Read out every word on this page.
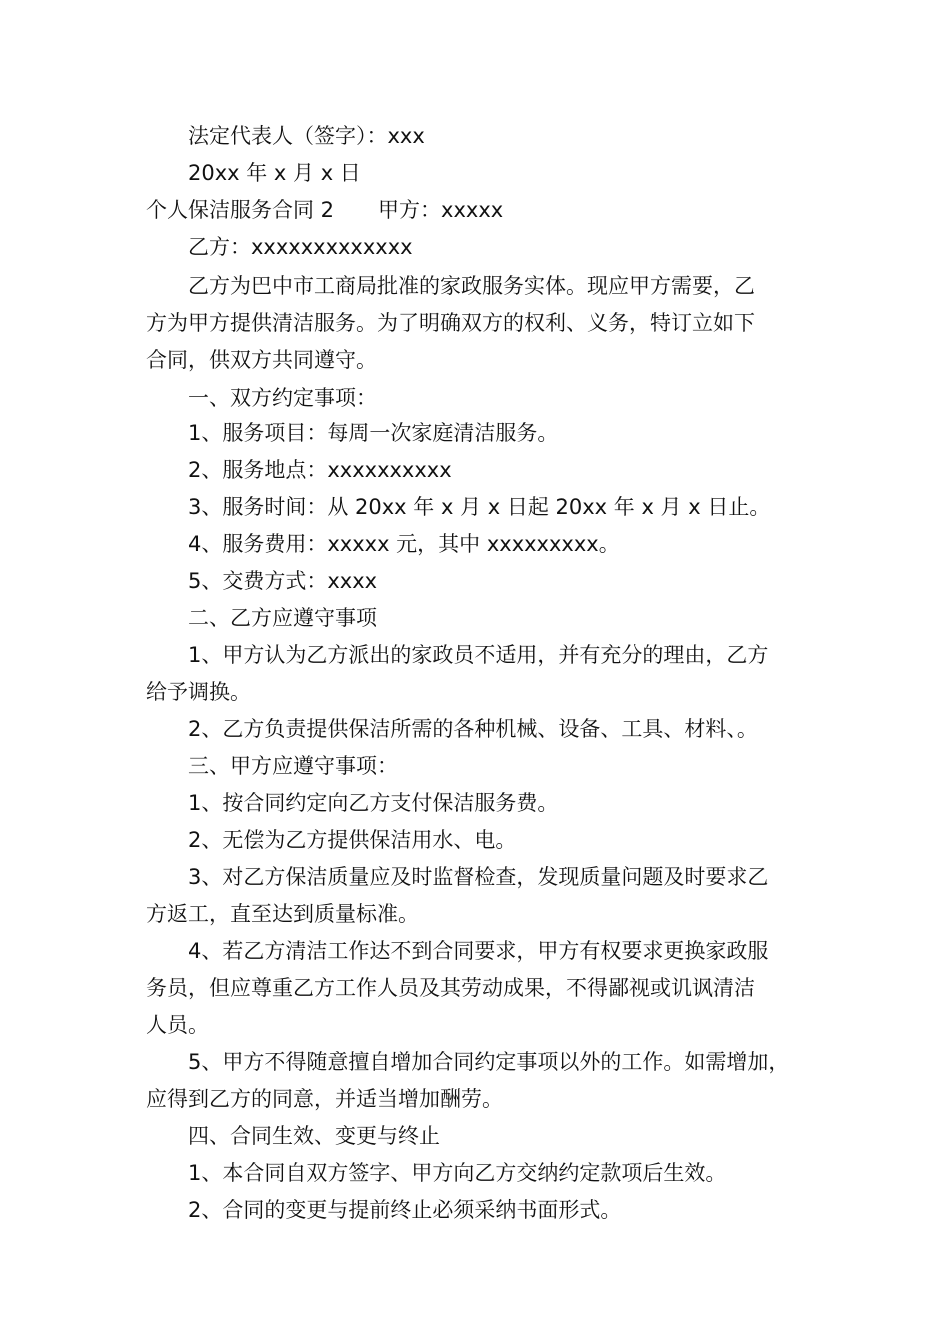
法定代表人（签字）：xxx
20xx 年 x 月 x 日
个人保洁服务合同 2 甲方：xxxxx
乙方：xxxxxxxxxxxxx
乙方为巴中市工商局批准的家政服务实体。现应甲方需要，乙
方为甲方提供清洁服务。为了明确双方的权利、义务，特订立如下
合同，供双方共同遵守。
一、双方约定事项：
1、服务项目：每周一次家庭清洁服务。
2、服务地点：xxxxxxxxxx
3、服务时间：从 20xx 年 x 月 x 日起 20xx 年 x 月 x 日止。
4、服务费用：xxxxx 元，其中 xxxxxxxxx。
5、交费方式：xxxx
二、乙方应遵守事项
1、甲方认为乙方派出的家政员不适用，并有充分的理由，乙方
给予调换。
2、乙方负责提供保洁所需的各种机械、设备、工具、材料、。
三、甲方应遵守事项：
1、按合同约定向乙方支付保洁服务费。
2、无偿为乙方提供保洁用水、电。
3、对乙方保洁质量应及时监督检查，发现质量问题及时要求乙
方返工，直至达到质量标准。
4、若乙方清洁工作达不到合同要求，甲方有权要求更换家政服
务员，但应尊重乙方工作人员及其劳动成果，不得鄙视或讥讽清洁
人员。
5、甲方不得随意擅自增加合同约定事项以外的工作。如需增加，
应得到乙方的同意，并适当增加酬劳。
四、合同生效、变更与终止
1、本合同自双方签字、甲方向乙方交纳约定款项后生效。
2、合同的变更与提前终止必须采纳书面形式。
